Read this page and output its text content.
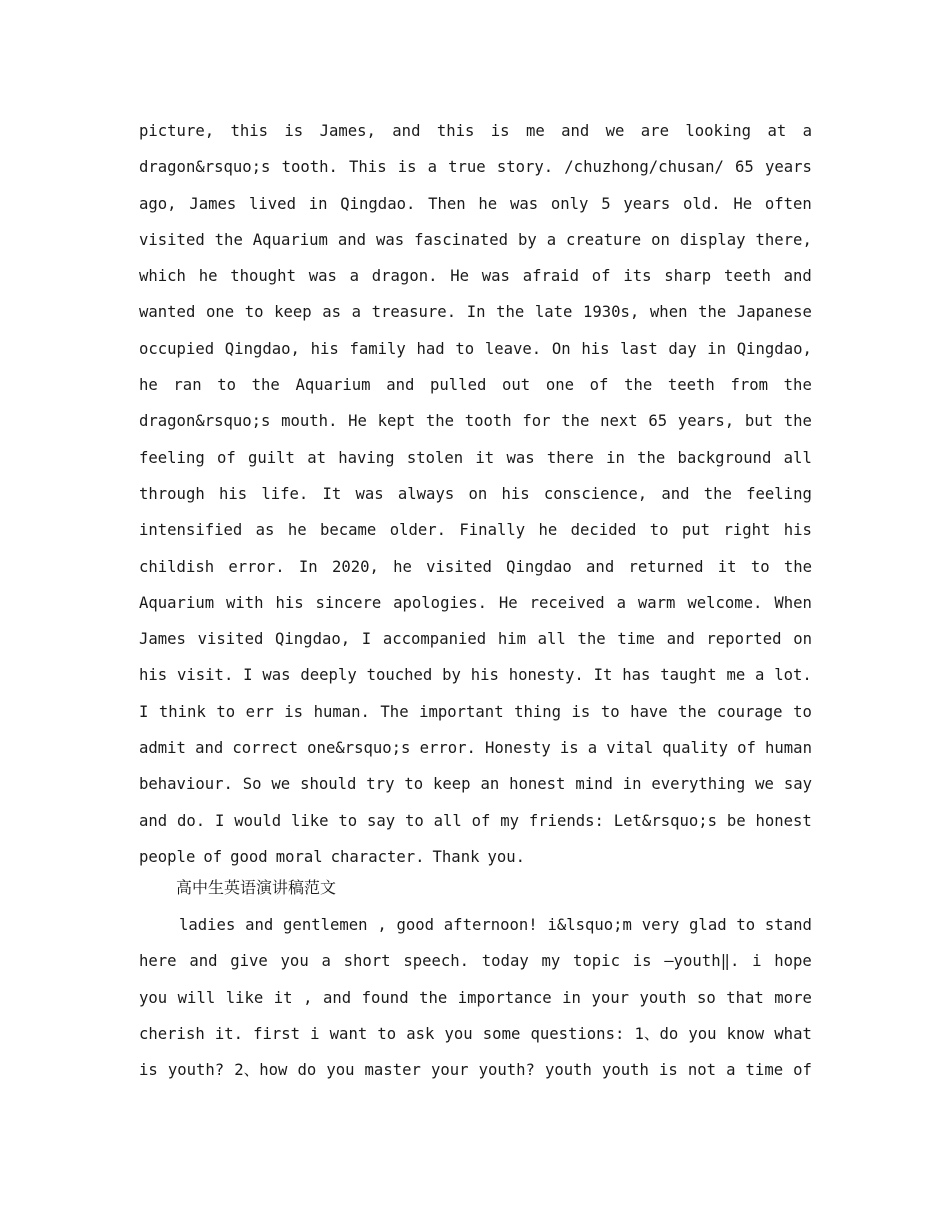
picture, this is James, and this is me and we are looking at a
dragon&rsquo;s tooth. This is a true story. /chuzhong/chusan/ 65 years
ago, James lived in Qingdao. Then he was only 5 years old. He often
visited the Aquarium and was fascinated by a creature on display there,
which he thought was a dragon. He was afraid of its sharp teeth and
wanted one to keep as a treasure. In the late 1930s, when the Japanese
occupied Qingdao, his family had to leave. On his last day in Qingdao,
he ran to the Aquarium and pulled out one of the teeth from the
dragon&rsquo;s mouth. He kept the tooth for the next 65 years, but the
feeling of guilt at having stolen it was there in the background all
through his life. It was always on his conscience, and the feeling
intensified as he became older. Finally he decided to put right his
childish error. In 2020, he visited Qingdao and returned it to the
Aquarium with his sincere apologies. He received a warm welcome. When
James visited Qingdao, I accompanied him all the time and reported on
his visit. I was deeply touched by his honesty. It has taught me a lot.
I think to err is human. The important thing is to have the courage to
admit and correct one&rsquo;s error. Honesty is a vital quality of human
behaviour. So we should try to keep an honest mind in everything we say
and do. I would like to say to all of my friends: Let&rsquo;s be honest
people of good moral character. Thank you.
高中生英语演讲稿范文
ladies and gentlemen , good afternoon! i&lsquo;m very glad to stand
here and give you a short speech. today my topic is ―youth‖. i hope
you will like it , and found the importance in your youth so that more
cherish it. first i want to ask you some questions: 1、do you know what
is youth? 2、how do you master your youth? youth youth is not a time of
